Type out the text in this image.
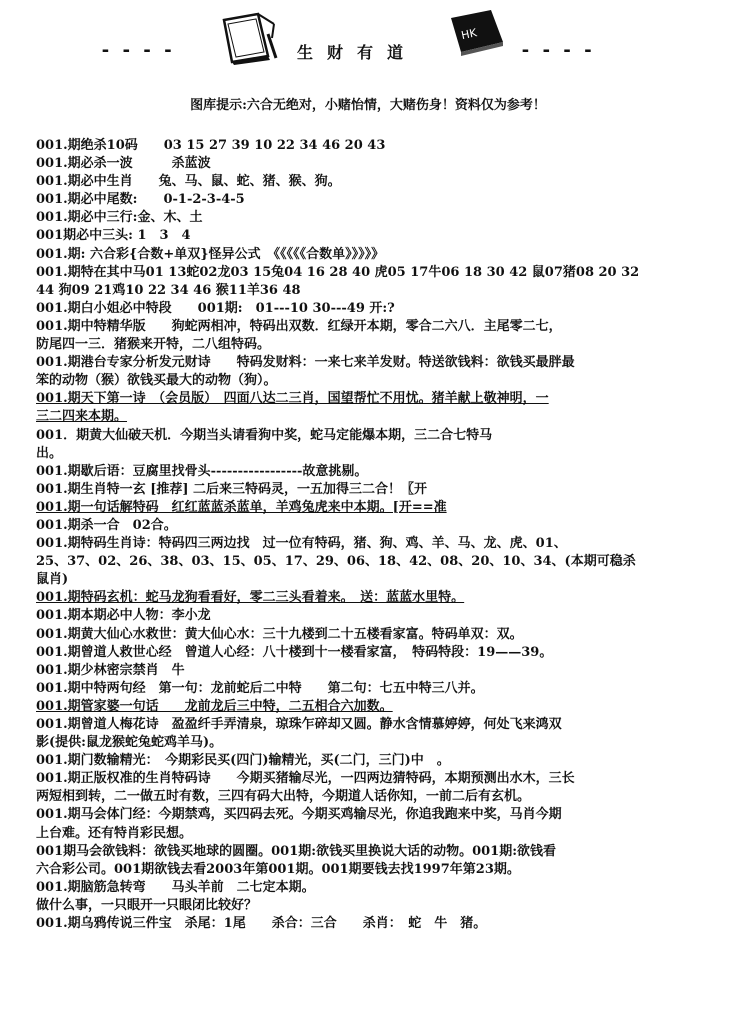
----	生财有道
HK
----
图库提示:六合无绝对，小赌怡情，大赌伤身！资料仅为参考！
001.期绝杀10码　　03 15 27 39 10 22 34 46 20 43
001.期必杀一波　　　杀蓝波
001.期必中生肖　　兔、马、鼠、蛇、猪、猴、狗。
001.期必中尾数:　　0-1-2-3-4-5
001.期必中三行:金、木、土
001期必中三头: 1　3　4
001.期: 六合彩{合数+单双}怪异公式　《《《《《合数单》》》》》
001.期特在其中马01 13蛇02龙03 15兔04 16 28 40 虎05 17牛06 18 30 42 鼠07猪08 20 32
44 狗09 21鸡10 22 34 46 猴11羊36 48
001.期白小姐必中特段　　001期:　01---10 30---49 开:?
001.期中特精华版　　狗蛇两相冲，特码出双数．红绿开本期，零合二六八．主尾零二七，
防尾四一三．猪猴来开特，二八组特码。
001.期港台专家分析发元财诗　　特码发财料：一来七来羊发财。特送欲钱料：欲钱买最胖最
笨的动物（猴）欲钱买最大的动物（狗）。
001.期天下第一诗　（会员版）　四面八达二三肖，国望帮忙不用忧。猪羊献上敬神明，一
三二四来本期。
001．期黄大仙破天机．今期当头请看狗中奖，蛇马定能爆本期，三二合七特马
出。
001.期歇后语：豆腐里找骨头-----------------故意挑剔。
001.期生肖特一玄 [推荐] 二后来三特码灵，一五加得三二合！〖开
001.期一句话解特码　红红蓝蓝杀蓝单，羊鸡兔虎来中本期。[开==准
001.期杀一合　02合。
001.期特码生肖诗：特码四三两边找　过一位有特码，猪、狗、鸡、羊、马、龙、虎、01、
25、37、02、26、38、03、15、05、17、29、06、18、42、08、20、10、34、(本期可稳杀
鼠肖)
001.期特码玄机：蛇马龙狗看看好，零二三头看着来。　送：蓝蓝水里特。
001.期本期必中人物：李小龙
001.期黄大仙心水救世：黄大仙心水：三十九楼到二十五楼看家富。特码单双：双。
001.期曾道人救世心经　曾道人心经：八十楼到十一楼看家富，　特码特段：19——39。
001.期少林密宗禁肖　牛
001.期中特两句经　第一句：龙前蛇后二中特　　第二句：七五中特三八并。
001.期管家婆一句话　　龙前龙后三中特，二五相合六加数。
001.期曾道人梅花诗　盈盈纤手弄清泉，琼珠乍碎却又圆。静水含情慕婷婷，何处飞来鸿双
影(提供:鼠龙猴蛇兔蛇鸡羊马)。
001.期门数输精光：　今期彩民买(四门)输精光，买(二门，三门)中　。
001.期正版权准的生肖特码诗　　今期买猪输尽光，一四两边猜特码，本期预测出水木，三长
两短相到转，二一做五时有数，三四有码大出特，今期道人话你知，一前二后有玄机。
001.期马会体门经：今期禁鸡，买四码去死。今期买鸡输尽光，你追我跑来中奖，马肖今期
上台难。还有特肖彩民想。
001期马会欲钱料：欲钱买地球的圆圈。001期:欲钱买里换说大话的动物。001期:欲钱看
六合彩公司。001期欲钱去看2003年第001期。001期要钱去找1997年第23期。
001.期脑筋急转弯　　马头羊前　二七定本期。
做什么事，一只眼开一只眼闭比较好？
001.期乌鸦传说三件宝　杀尾：1尾　　杀合：三合　　杀肖：　蛇　牛　猪。
